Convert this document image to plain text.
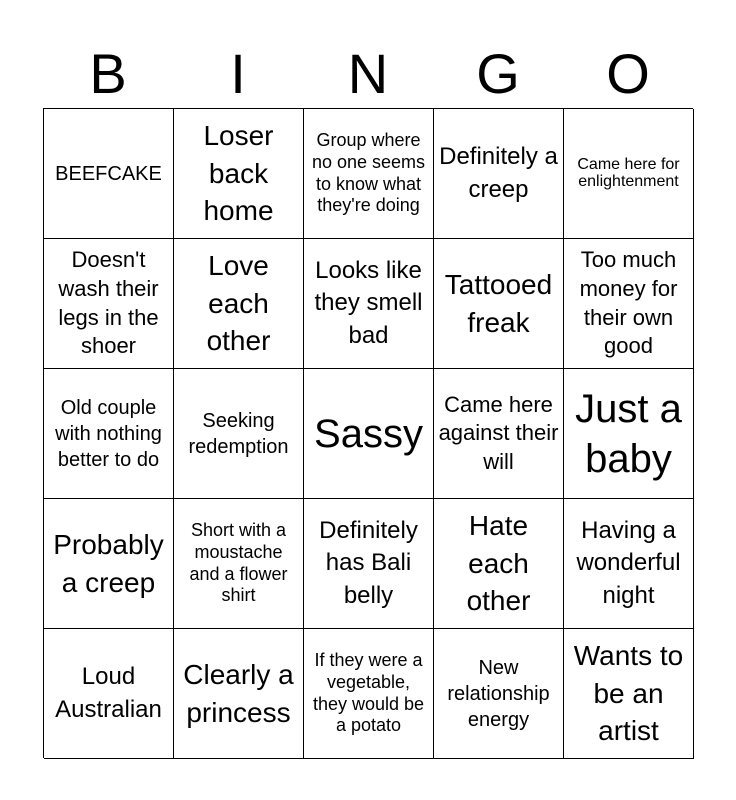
B	I	N	G	O
BEEFCAKE
Loser back home
Group where no one seems to know what they're doing
Definitely a creep
Came here for enlightenment
Doesn't wash their legs in the shoer
Love each other
Looks like they smell bad
Tattooed freak
Too much money for their own good
Old couple with nothing better to do
Seeking redemption Sassy
Came here against their will
Just a baby
Probably a creep
Short with a moustache and a flower shirt
Definitely has Bali belly
Hate each other
Having a wonderful night
Loud Australian
Clearly a princess
If they were a vegetable, they would be a potato
New relationship energy
Wants to be an artist
